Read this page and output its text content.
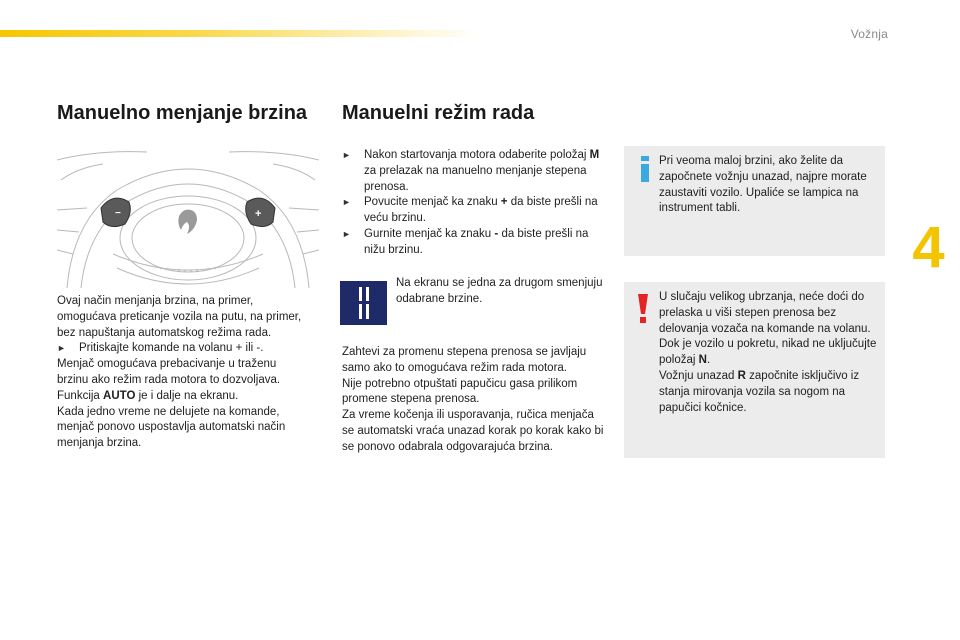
Vožnja
4
Manuelno menjanje brzina Manuelni režim rada
−	+

Ovaj način menjanja brzina, na primer, omogućava preticanje vozila na putu, na primer, bez napuštanja automatskog režima rada.

►	Pritiskajte komande na volanu + ili -.

Menjač omogućava prebacivanje u traženu brzinu ako režim rada motora to dozvoljava.

Funkcija AUTO je i dalje na ekranu.

Kada jedno vreme ne delujete na komande, menjač ponovo uspostavlja automatski način menjanja brzina.

►	Nakon startovanja motora odaberite položaj M za prelazak na manuelno menjanje stepena prenosa.
►	Povucite menjač ka znaku + da biste prešli na veću brzinu.
►	Gurnite menjač ka znaku - da biste prešli na nižu brzinu.
Na ekranu se jedna za drugom smenjuju odabrane brzine.

Zahtevi za promenu stepena prenosa se javljaju samo ako to omogućava režim rada motora.

Nije potrebno otpuštati papučicu gasa prilikom promene stepena prenosa.

Za vreme kočenja ili usporavanja, ručica menjača se automatski vraća unazad korak po korak kako bi se ponovo odabrala odgovarajuća brzina.

Pri veoma maloj brzini, ako želite da započnete vožnju unazad, najpre morate zaustaviti vozilo. Upaliće se lampica na instrument tabli.

U slučaju velikog ubrzanja, neće doći do prelaska u viši stepen prenosa bez delovanja vozača na komande na volanu.

Dok je vozilo u pokretu, nikad ne uključujte položaj N.

Vožnju unazad R započnite isključivo iz stanja mirovanja vozila sa nogom na papučici kočnice.
